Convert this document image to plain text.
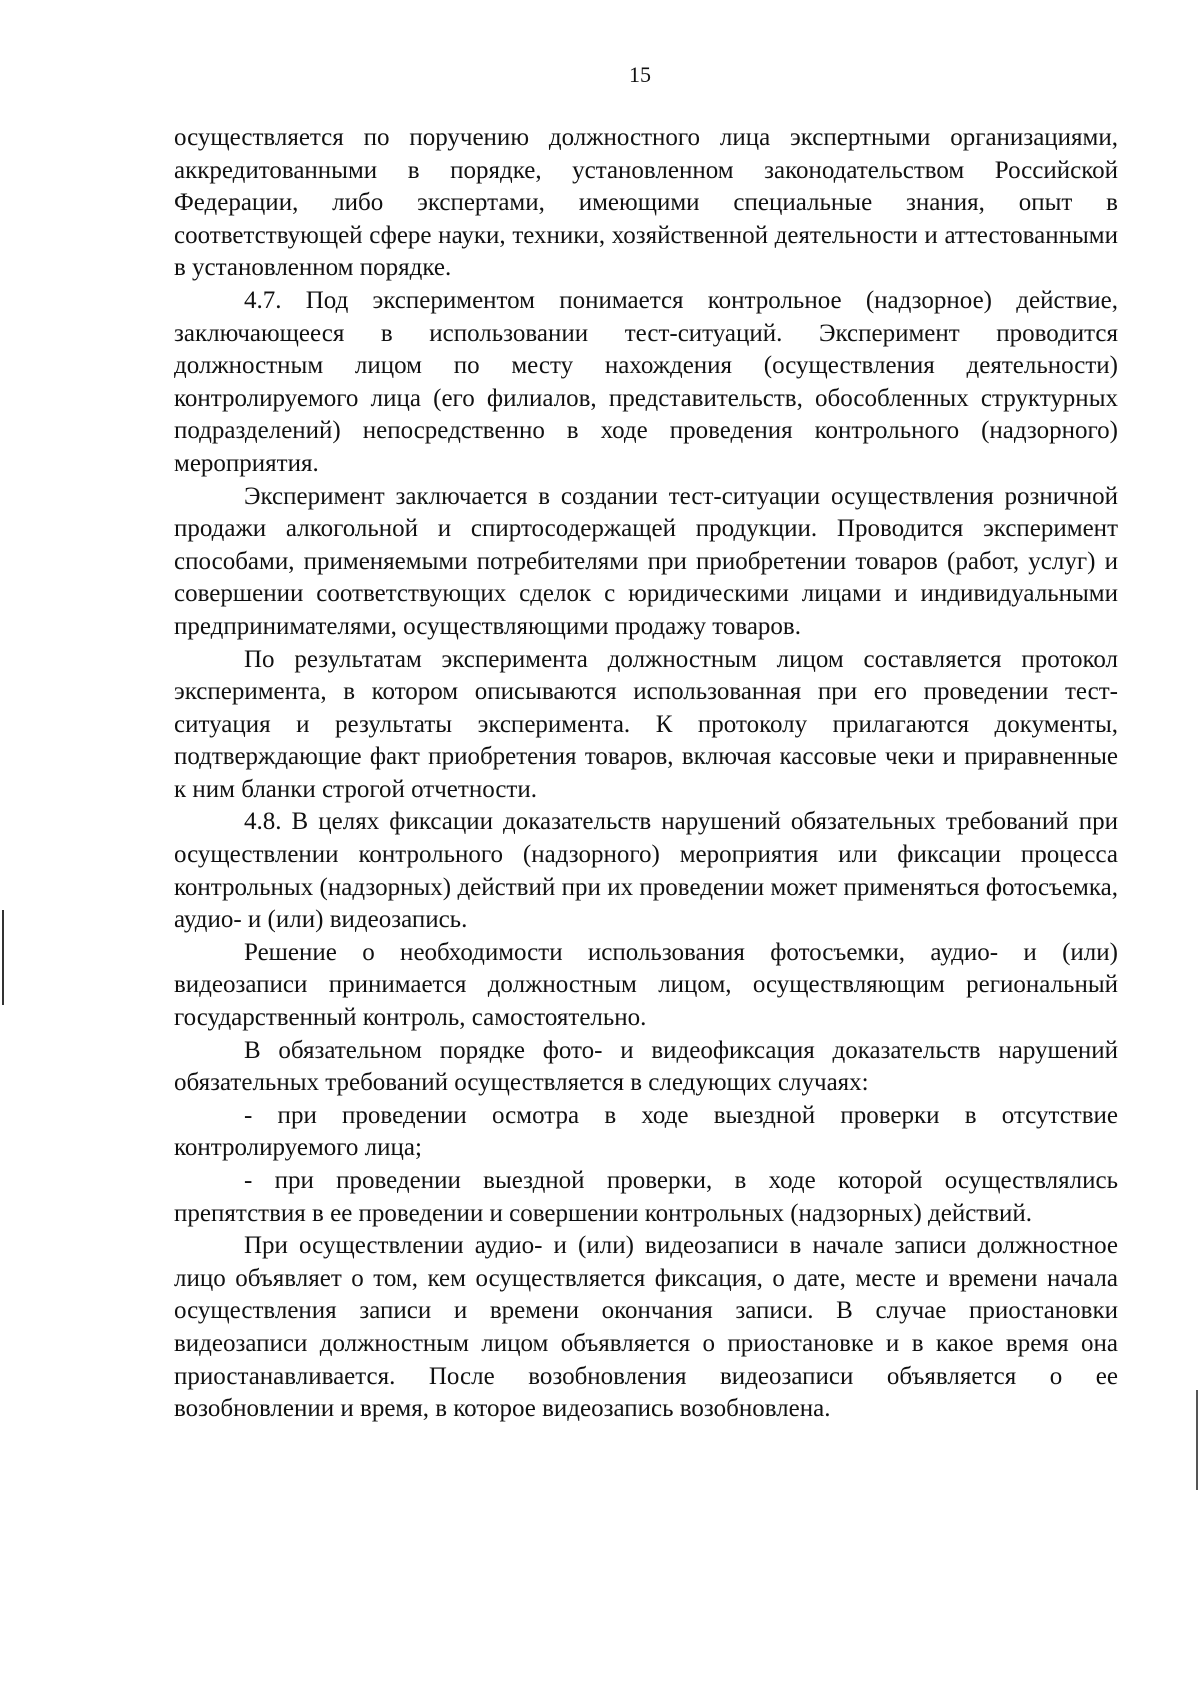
15

осуществляется по поручению должностного лица экспертными организациями, аккредитованными в порядке, установленном законодательством Российской Федерации, либо экспертами, имеющими специальные знания, опыт в соответствующей сфере науки, техники, хозяйственной деятельности и аттестованными в установленном порядке.

4.7. Под экспериментом понимается контрольное (надзорное) действие, заключающееся в использовании тест-ситуаций. Эксперимент проводится должностным лицом по месту нахождения (осуществления деятельности) контролируемого лица (его филиалов, представительств, обособленных структурных подразделений) непосредственно в ходе проведения контрольного (надзорного) мероприятия.

Эксперимент заключается в создании тест-ситуации осуществления розничной продажи алкогольной и спиртосодержащей продукции. Проводится эксперимент способами, применяемыми потребителями при приобретении товаров (работ, услуг) и совершении соответствующих сделок с юридическими лицами и индивидуальными предпринимателями, осуществляющими продажу товаров.

По результатам эксперимента должностным лицом составляется протокол эксперимента, в котором описываются использованная при его проведении тест-ситуация и результаты эксперимента. К протоколу прилагаются документы, подтверждающие факт приобретения товаров, включая кассовые чеки и приравненные к ним бланки строгой отчетности.

4.8. В целях фиксации доказательств нарушений обязательных требований при осуществлении контрольного (надзорного) мероприятия или фиксации процесса контрольных (надзорных) действий при их проведении может применяться фотосъемка, аудио- и (или) видеозапись.

Решение о необходимости использования фотосъемки, аудио- и (или) видеозаписи принимается должностным лицом, осуществляющим региональный государственный контроль, самостоятельно.

В обязательном порядке фото- и видеофиксация доказательств нарушений обязательных требований осуществляется в следующих случаях:

- при проведении осмотра в ходе выездной проверки в отсутствие контролируемого лица;

- при проведении выездной проверки, в ходе которой осуществлялись препятствия в ее проведении и совершении контрольных (надзорных) действий.

При осуществлении аудио- и (или) видеозаписи в начале записи должностное лицо объявляет о том, кем осуществляется фиксация, о дате, месте и времени начала осуществления записи и времени окончания записи. В случае приостановки видеозаписи должностным лицом объявляется о приостановке и в какое время она приостанавливается. После возобновления видеозаписи объявляется о ее возобновлении и время, в которое видеозапись возобновлена.
